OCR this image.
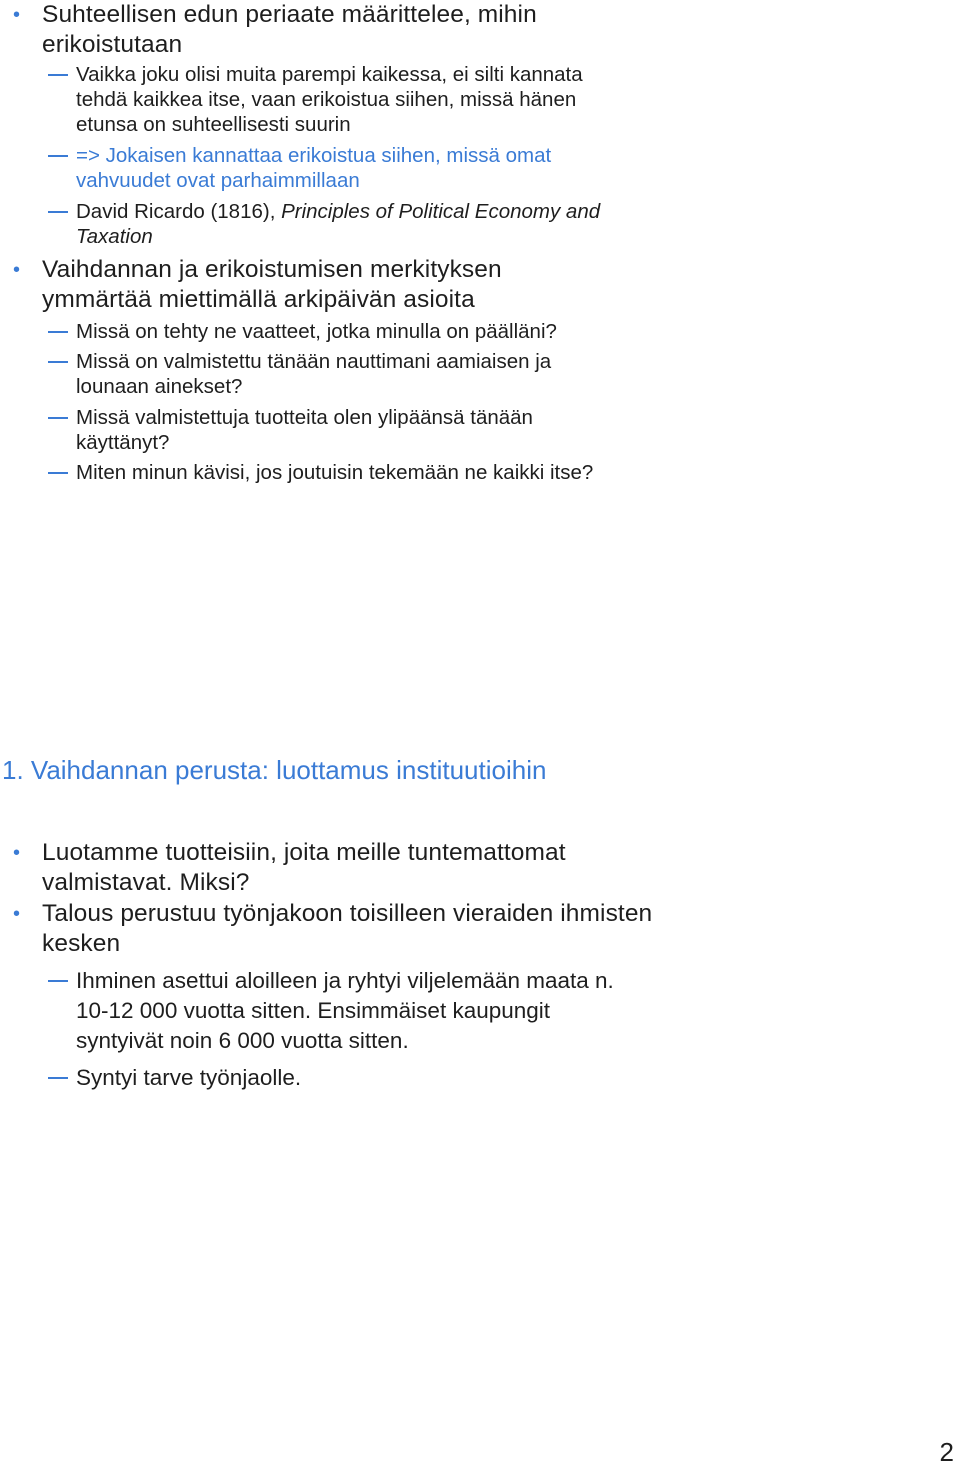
• Suhteellisen edun periaate määrittelee, mihin
erikoistutaan
Vaikka joku olisi muita parempi kaikessa, ei silti kannata
tehdä kaikkea itse, vaan erikoistua siihen, missä hänen
etunsa on suhteellisesti suurin
=> Jokaisen kannattaa erikoistua siihen, missä omat
vahvuudet ovat parhaimmillaan
David Ricardo (1816), Principles of Political Economy and
Taxation
• Vaihdannan ja erikoistumisen merkityksen
ymmärtää miettimällä arkipäivän asioita
Missä on tehty ne vaatteet, jotka minulla on päälläni?
Missä on valmistettu tänään nauttimani aamiaisen ja
lounaan ainekset?
Missä valmistettuja tuotteita olen ylipäänsä tänään
käyttänyt?
Miten minun kävisi, jos joutuisin tekemään ne kaikki itse?
1. Vaihdannan perusta: luottamus instituutioihin
• Luotamme tuotteisiin, joita meille tuntemattomat
valmistavat. Miksi?
• Talous perustuu työnjakoon toisilleen vieraiden ihmisten
kesken
Ihminen asettui aloilleen ja ryhtyi viljelemään maata n.
10-12 000 vuotta sitten. Ensimmäiset kaupungit
syntyivät noin 6 000 vuotta sitten.
Syntyi tarve työnjaolle.
2
